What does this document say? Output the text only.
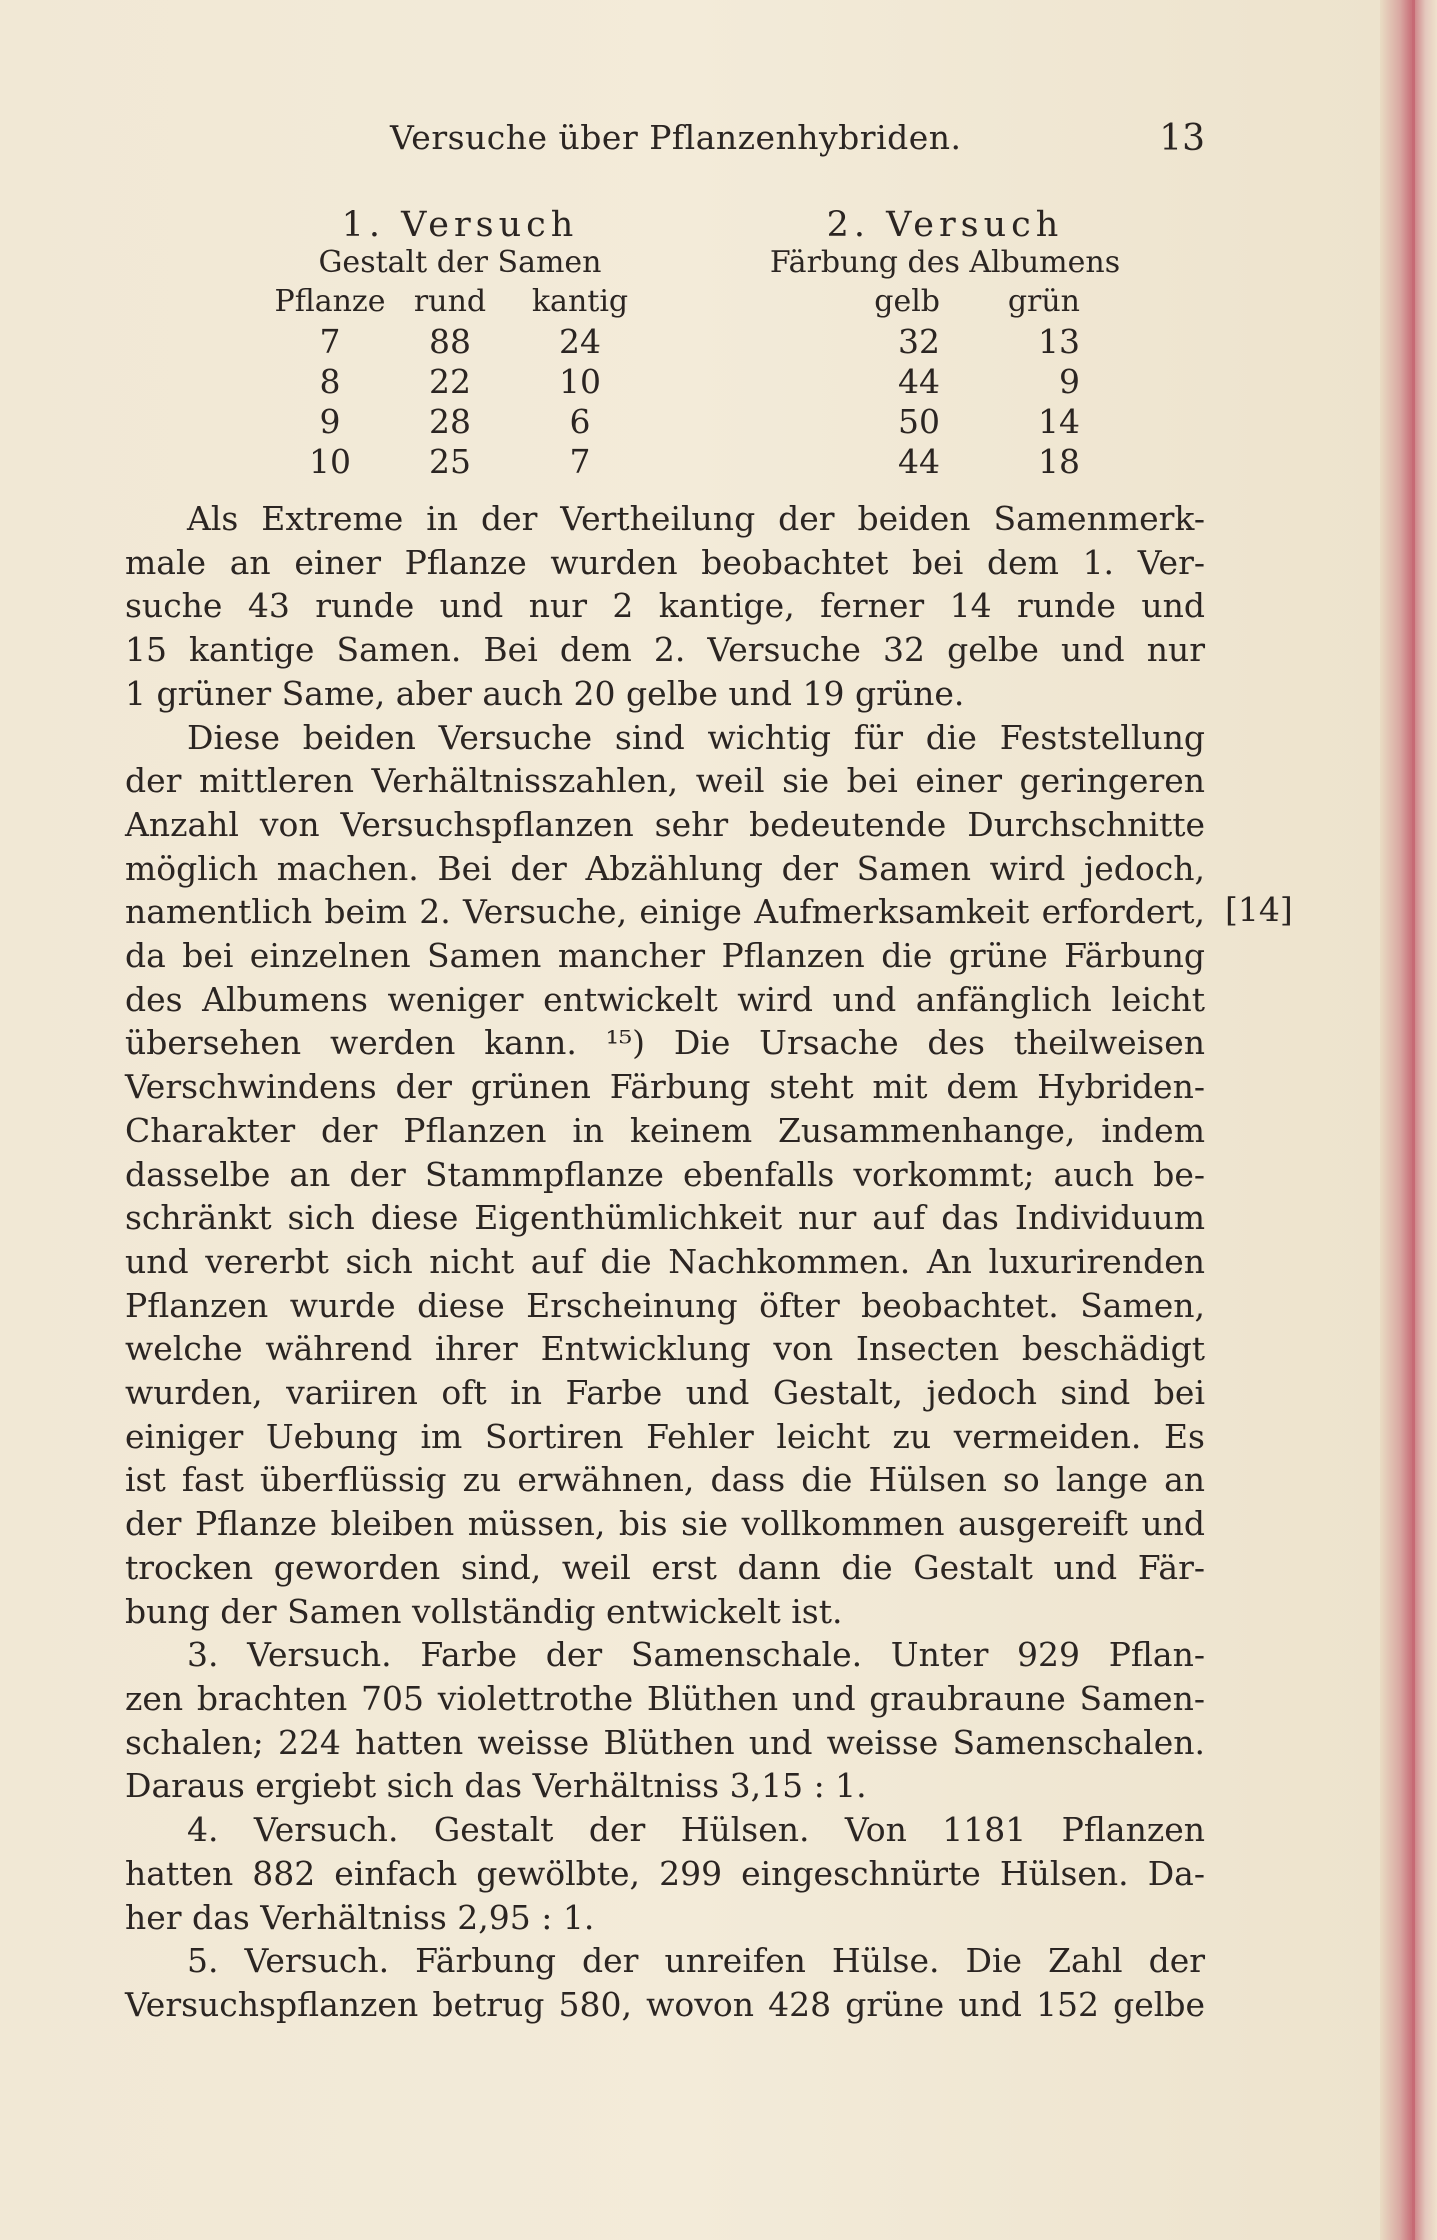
Versuche über Pflanzenhybriden.	13
1. Versuch
Gestalt der Samen
Pflanze rund	kantig
7	88	24
8	22	10
9	28	6
10	25	7
2. Versuch
Färbung des Albumens
gelb	grün
32	13
44	9
50	14
44	18
[14]

Als Extreme in der Vertheilung der beiden Samenmerk-
male an einer Pflanze wurden beobachtet bei dem 1. Ver-
suche 43 runde und nur 2 kantige, ferner 14 runde und
15 kantige Samen. Bei dem 2. Versuche 32 gelbe und nur
1 grüner Same, aber auch 20 gelbe und 19 grüne.

Diese beiden Versuche sind wichtig für die Feststellung
der mittleren Verhältnisszahlen, weil sie bei einer geringeren
Anzahl von Versuchspflanzen sehr bedeutende Durchschnitte
möglich machen. Bei der Abzählung der Samen wird jedoch,
namentlich beim 2. Versuche, einige Aufmerksamkeit erfordert,
da bei einzelnen Samen mancher Pflanzen die grüne Färbung
des Albumens weniger entwickelt wird und anfänglich leicht
übersehen werden kann. ¹⁵) Die Ursache des theilweisen
Verschwindens der grünen Färbung steht mit dem Hybriden-
Charakter der Pflanzen in keinem Zusammenhange, indem
dasselbe an der Stammpflanze ebenfalls vorkommt; auch be-
schränkt sich diese Eigenthümlichkeit nur auf das Individuum
und vererbt sich nicht auf die Nachkommen. An luxurirenden
Pflanzen wurde diese Erscheinung öfter beobachtet. Samen,
welche während ihrer Entwicklung von Insecten beschädigt
wurden, variiren oft in Farbe und Gestalt, jedoch sind bei
einiger Uebung im Sortiren Fehler leicht zu vermeiden. Es
ist fast überflüssig zu erwähnen, dass die Hülsen so lange an
der Pflanze bleiben müssen, bis sie vollkommen ausgereift und
trocken geworden sind, weil erst dann die Gestalt und Fär-
bung der Samen vollständig entwickelt ist.

3. Versuch. Farbe der Samenschale. Unter 929 Pflan-
zen brachten 705 violettrothe Blüthen und graubraune Samen-
schalen; 224 hatten weisse Blüthen und weisse Samenschalen.
Daraus ergiebt sich das Verhältniss 3,15 : 1.

4. Versuch. Gestalt der Hülsen. Von 1181 Pflanzen
hatten 882 einfach gewölbte, 299 eingeschnürte Hülsen. Da-
her das Verhältniss 2,95 : 1.

5. Versuch. Färbung der unreifen Hülse. Die Zahl der
Versuchspflanzen betrug 580, wovon 428 grüne und 152 gelbe
